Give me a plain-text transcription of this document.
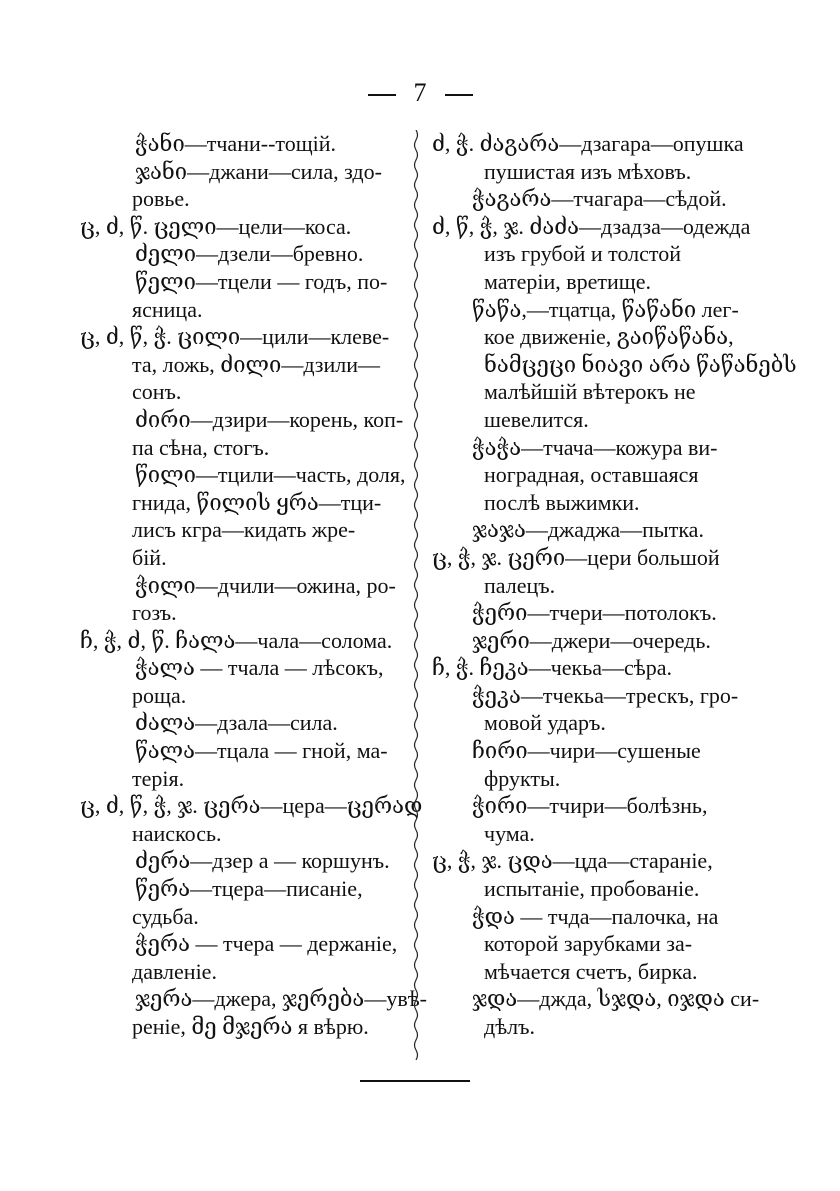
7
ჭანი—тчани--тощій.
ჯანი—джани—сила, здо-
ровье.
ც, ძ, წ. ცელი—цели—коса.
ძელი—дзели—бревно.
წელი—тцели — годъ, по-
ясница.
ც, ძ, წ, ჭ. ცილი—цили—клеве-
та, ложь, ძილი—дзили—
сонъ.
ძირი—дзири—корень, коп-
па сѣна, стогъ.
წილი—тцили—часть, доля,
гнида, წილის ყრა—тци-
лисъ кгра—кидать жре-
бій.
ჭილი—дчили—ожина, ро-
гозъ.
ჩ, ჭ, ძ, წ. ჩალა—чала—солома.
ჭალა — тчала — лѣсокъ,
роща.
ძალა—дзала—сила.
წალა—тцала — гной, ма-
терія.
ც, ძ, წ, ჭ, ჯ. ცერა—цера—ცერად
наискось.
ძერა—дзер а — коршунъ.
წერა—тцера—писаніе,
судьба.
ჭერა — тчера — держаніе,
давленіе.
ჯერა—джера, ჯერება—увѣ-
реніе, მე მჯერა я вѣрю.
ძ, ჭ. ძაგარა—дзагара—опушка
пушистая изъ мѣховъ.
ჭაგარა—тчагара—сѣдой.
ძ, წ, ჭ, ჯ. ძაძა—дзадза—одежда
изъ грубой и толстой
матеріи, вретище.
წაწა,—тцатца, წაწანი лег-
кое движеніе, გაიწაწანა,
ნამცეცი ნიავი არა წაწანებს
малѣйшій вѣтерокъ не
шевелится.
ჭაჭა—тчача—кожура ви-
ноградная, оставшаяся
послѣ выжимки.
ჯაჯა—джаджа—пытка.
ც, ჭ, ჯ. ცერი—цери большой
палецъ.
ჭერი—тчери—потолокъ.
ჯერი—джери—очередь.
ჩ, ჭ. ჩეკა—чекьа—сѣра.
ჭეკა—тчекьа—трескъ, гро-
мовой ударъ.
ჩირი—чири—сушеные
фрукты.
ჭირი—тчири—болѣзнь,
чума.
ც, ჭ, ჯ. ცდა—цда—стараніе,
испытаніе, пробованіе.
ჭდა — тчда—палочка, на
которой зарубками за-
мѣчается счетъ, бирка.
ჯდა—джда, სჯდა, იჯდა си-
дѣлъ.
